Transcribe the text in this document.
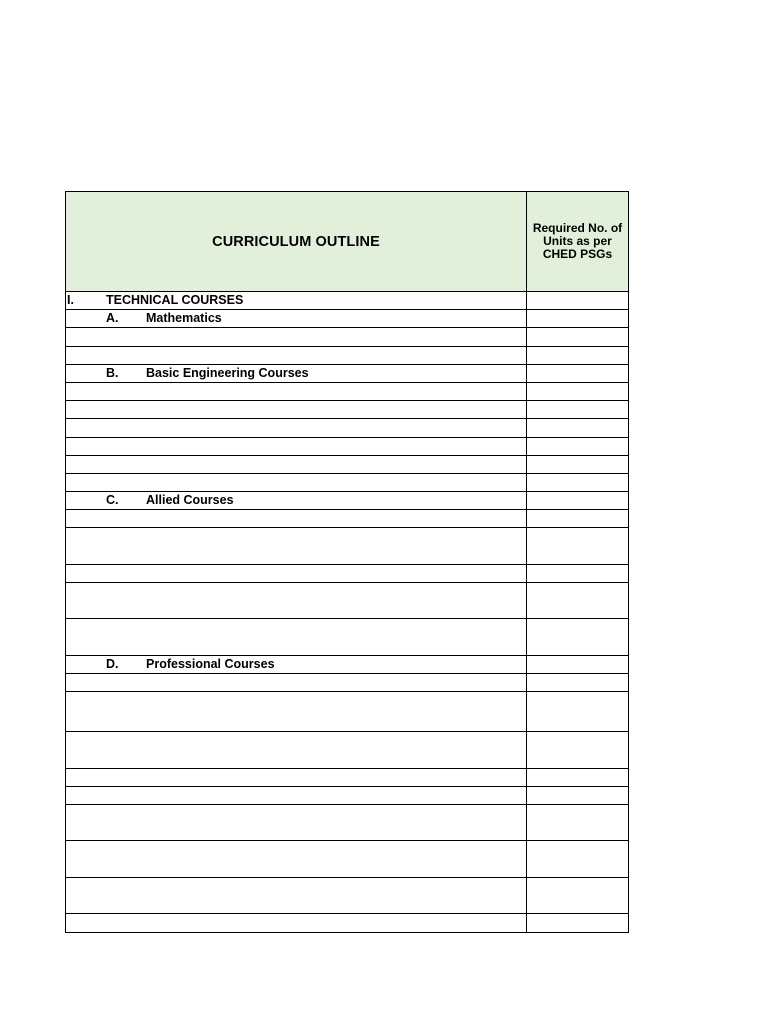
CURRICULUM OUTLINE
Required No. of
Units as per
CHED PSGs
I.	TECHNICAL COURSES
A. Mathematics
B. Basic Engineering Courses
C. Allied Courses
D. Professional Courses
